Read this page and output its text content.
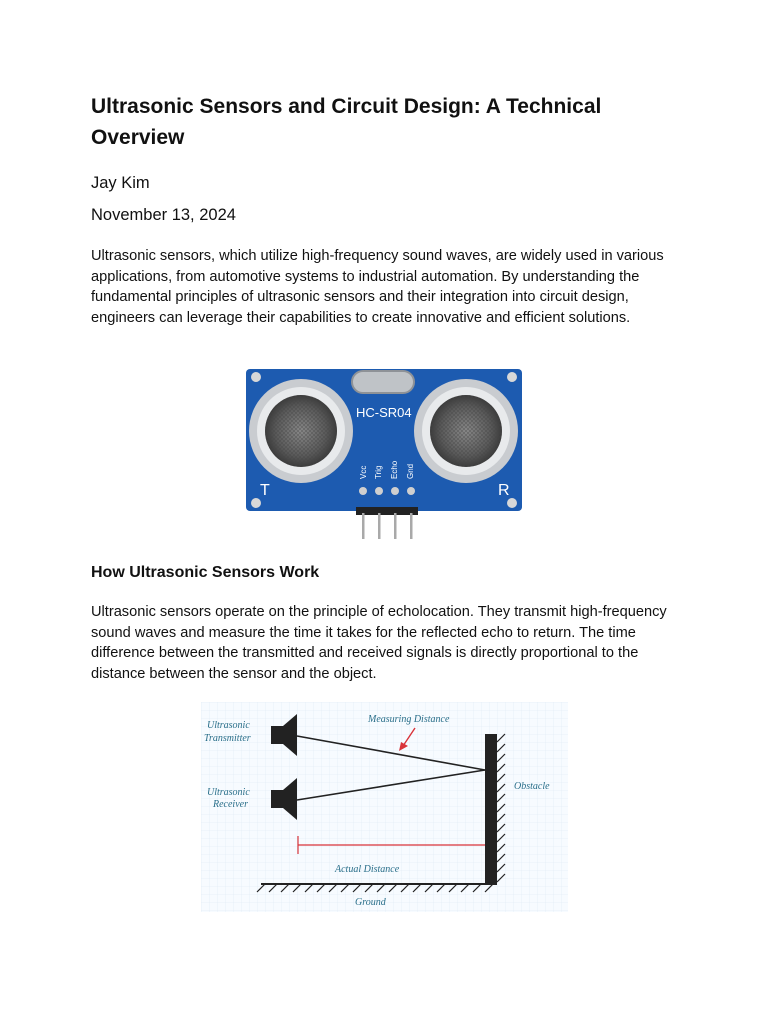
Ultrasonic Sensors and Circuit Design: A Technical Overview

Jay Kim

November 13, 2024

Ultrasonic sensors, which utilize high-frequency sound waves, are widely used in various applications, from automotive systems to industrial automation. By understanding the fundamental principles of ultrasonic sensors and their integration into circuit design, engineers can leverage their capabilities to create innovative and efficient solutions.

How Ultrasonic Sensors Work

Ultrasonic sensors operate on the principle of echolocation. They transmit high-frequency sound waves and measure the time it takes for the reflected echo to return. The time difference between the transmitted and received signals is directly proportional to the distance between the sensor and the object.

HC-SR04
T	R
Vcc Trig Echo Gnd
Ultrasonic
Transmitter
Ultrasonic
Receiver
Measuring Distance
Obstacle
Actual Distance
Ground
